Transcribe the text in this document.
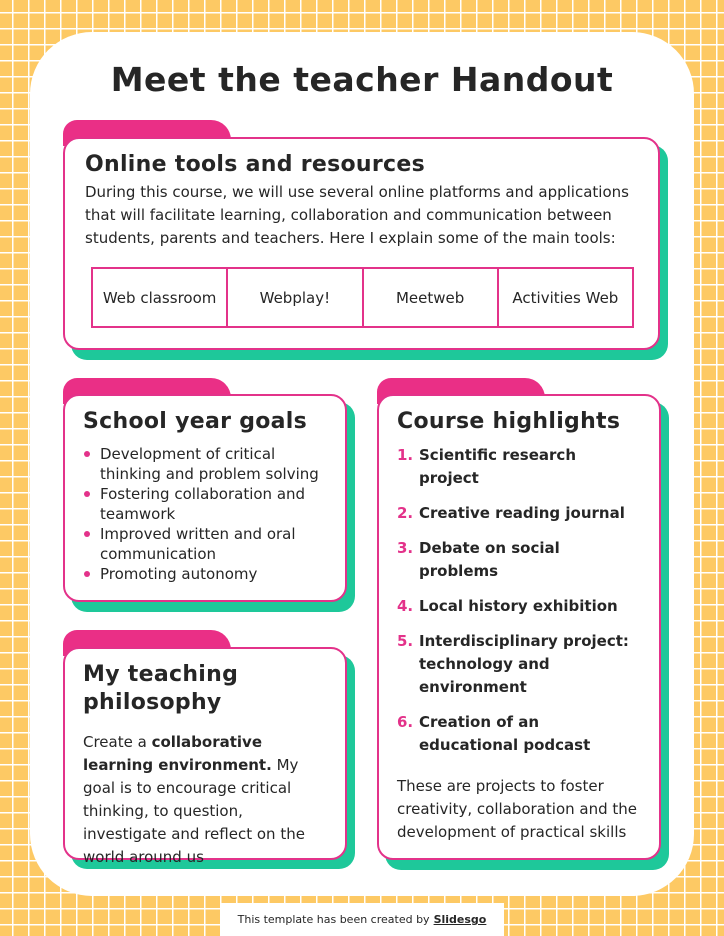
Meet the teacher Handout
Online tools and resources
During this course, we will use several online platforms and applications that will facilitate learning, collaboration and communication between students, parents and teachers. Here I explain some of the main tools:
Web classroom	Webplay!	Meetweb	Activities Web
School year goals
Development of critical thinking and problem solving
Fostering collaboration and teamwork
Improved written and oral communication
Promoting autonomy
My teaching philosophy
Create a collaborative learning environment. My goal is to encourage critical thinking, to question, investigate and reflect on the world around us
Course highlights
1. Scientific research project
2. Creative reading journal
3. Debate on social problems
4. Local history exhibition
5. Interdisciplinary project: technology and environment
6. Creation of an educational podcast
These are projects to foster creativity, collaboration and the development of practical skills
This template has been created by Slidesgo
